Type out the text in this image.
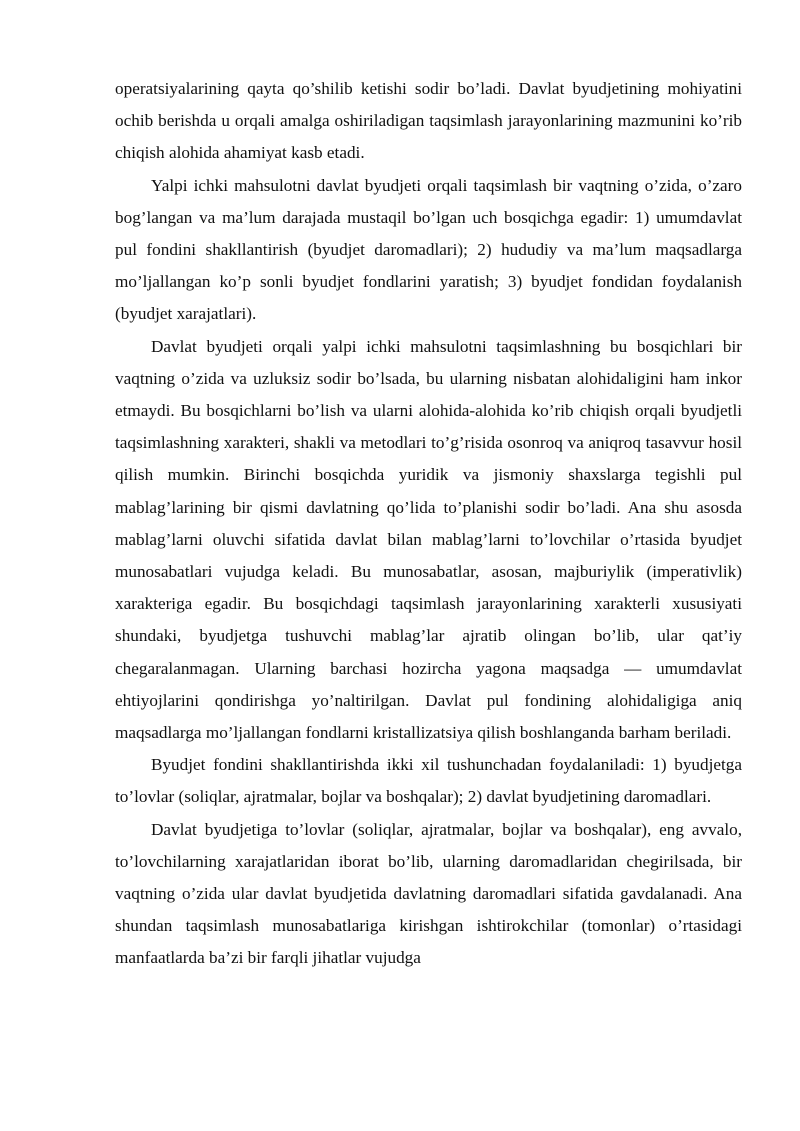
operatsiyalarining qayta qo’shilib ketishi sodir bo’ladi. Davlat byudjetining mohiyatini ochib berishda u orqali amalga oshiriladigan taqsimlash jarayonlarining mazmunini ko’rib chiqish alohida ahamiyat kasb etadi.

Yalpi ichki mahsulotni davlat byudjeti orqali taqsimlash bir vaqtning o’zida, o’zaro bog’langan va ma’lum darajada mustaqil bo’lgan uch bosqichga egadir: 1) umumdavlat pul fondini shakllantirish (byudjet daromadlari); 2) hududiy va ma’lum maqsadlarga mo’ljallangan ko’p sonli byudjet fondlarini yaratish; 3) byudjet fondidan foydalanish (byudjet xarajatlari).

Davlat byudjeti orqali yalpi ichki mahsulotni taqsimlashning bu bosqichlari bir vaqtning o’zida va uzluksiz sodir bo’lsada, bu ularning nisbatan alohidaligini ham inkor etmaydi. Bu bosqichlarni bo’lish va ularni alohida-alohida ko’rib chiqish orqali byudjetli taqsimlashning xarakteri, shakli va metodlari to’g’risida osonroq va aniqroq tasavvur hosil qilish mumkin. Birinchi bosqichda yuridik va jismoniy shaxslarga tegishli pul mablag’larining bir qismi davlatning qo’lida to’planishi sodir bo’ladi. Ana shu asosda mablag’larni oluvchi sifatida davlat bilan mablag’larni to’lovchilar o’rtasida byudjet munosabatlari vujudga keladi. Bu munosabatlar, asosan, majburiylik (imperativlik) xarakteriga egadir. Bu bosqichdagi taqsimlash jarayonlarining xarakterli xususiyati shundaki, byudjetga tushuvchi mablag’lar ajratib olingan bo’lib, ular qat’iy chegaralanmagan. Ularning barchasi hozircha yagona maqsadga — umumdavlat ehtiyojlarini qondirishga yo’naltirilgan. Davlat pul fondining alohidaligiga aniq maqsadlarga mo’ljallangan fondlarni kristallizatsiya qilish boshlanganda barham beriladi.

Byudjet fondini shakllantirishda ikki xil tushunchadan foydalaniladi: 1) byudjetga to’lovlar (soliqlar, ajratmalar, bojlar va boshqalar); 2) davlat byudjetining daromadlari.

Davlat byudjetiga to’lovlar (soliqlar, ajratmalar, bojlar va boshqalar), eng avvalo, to’lovchilarning xarajatlaridan iborat bo’lib, ularning daromadlaridan chegirilsada, bir vaqtning o’zida ular davlat byudjetida davlatning daromadlari sifatida gavdalanadi. Ana shundan taqsimlash munosabatlariga kirishgan ishtirokchilar (tomonlar) o’rtasidagi manfaatlarda ba’zi bir farqli jihatlar vujudga
